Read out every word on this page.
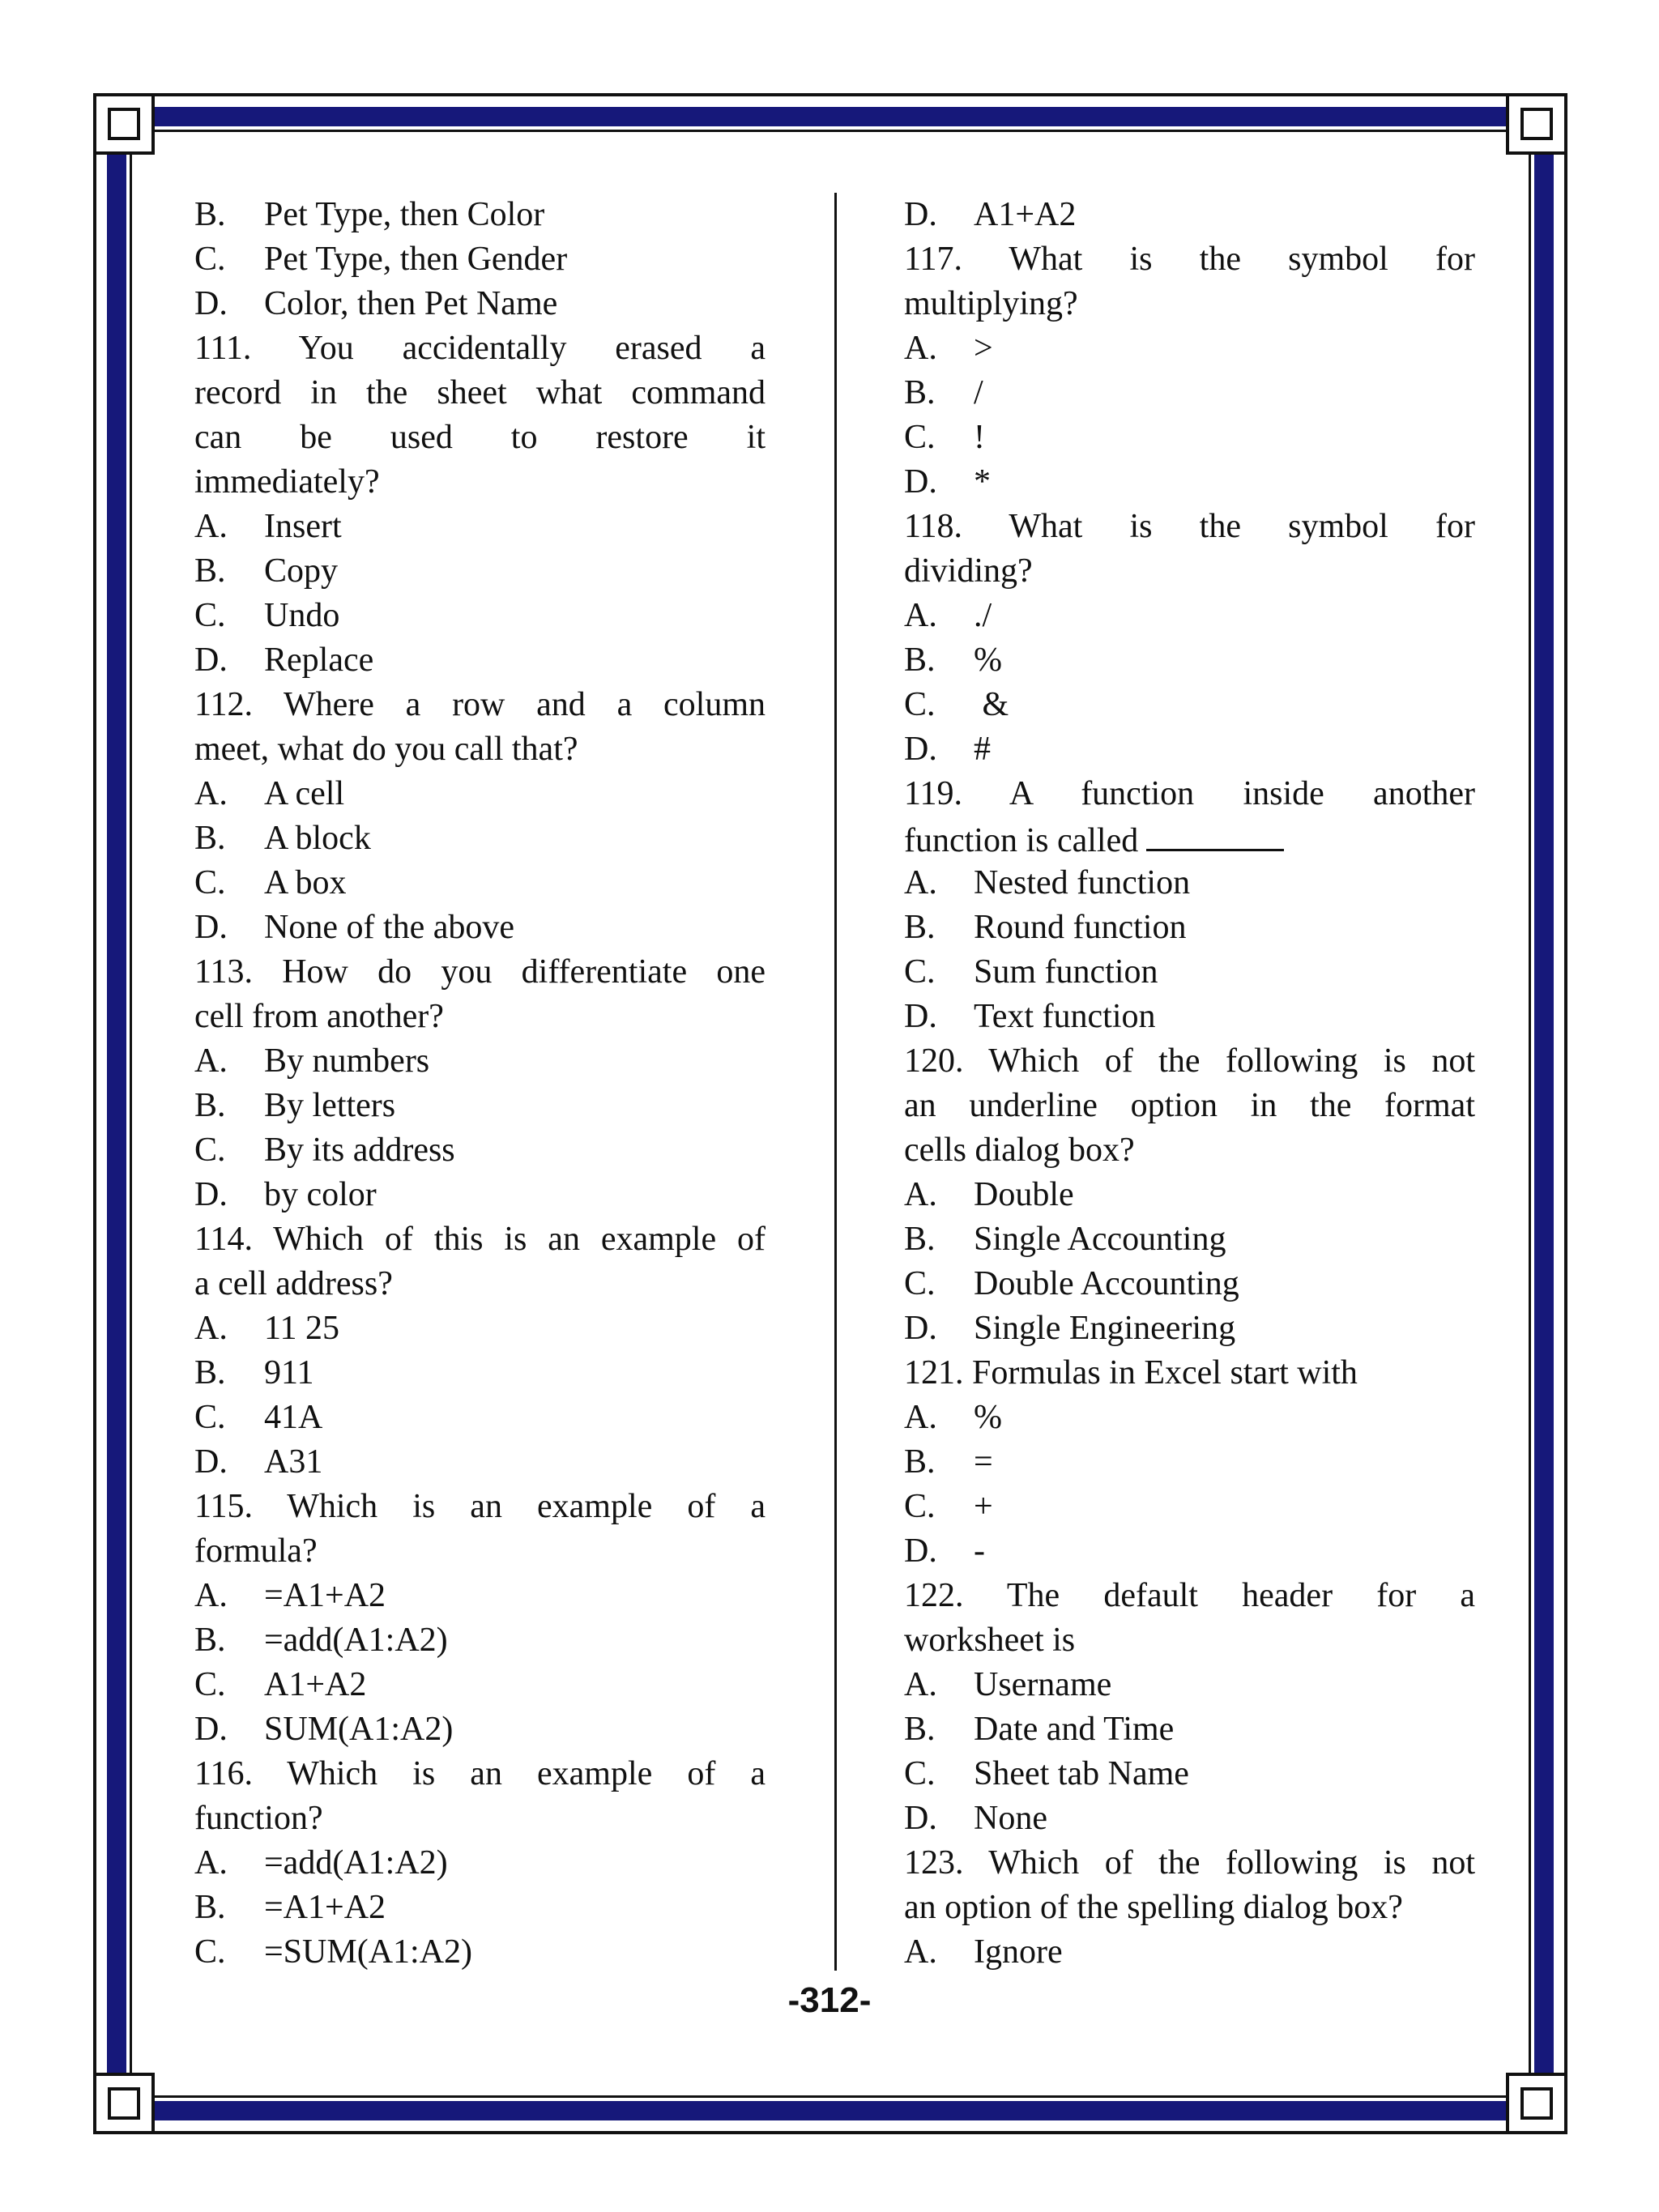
B. Pet Type, then Color
C. Pet Type, then Gender
D. Color, then Pet Name
111. You accidentally erased a
record in the sheet what command
can be used to restore it
immediately?
A. Insert
B. Copy
C. Undo
D. Replace
112. Where a row and a column
meet, what do you call that?
A. A cell
B. A block
C. A box
D. None of the above
113. How do you differentiate one
cell from another?
A. By numbers
B. By letters
C. By its address
D. by color
114. Which of this is an example of
a cell address?
A. 11 25
B. 911
C. 41A
D. A31
115. Which is an example of a
formula?
A. =A1+A2
B. =add(A1:A2)
C. A1+A2
D. SUM(A1:A2)
116. Which is an example of a
function?
A. =add(A1:A2)
B. =A1+A2
C. =SUM(A1:A2)
D. A1+A2
117. What is the symbol for
multiplying?
A. >
B. /
C. !
D. *
118. What is the symbol for
dividing?
A. ./
B. %
C. &
D. #
119. A function inside another
function is called
A. Nested function
B. Round function
C. Sum function
D. Text function
120. Which of the following is not
an underline option in the format
cells dialog box?
A. Double
B. Single Accounting
C. Double Accounting
D. Single Engineering
121. Formulas in Excel start with
A. %
B. =
C. +
D. -
122. The default header for a
worksheet is
A. Username
B. Date and Time
C. Sheet tab Name
D. None
123. Which of the following is not
an option of the spelling dialog box?
A. Ignore
-312-
